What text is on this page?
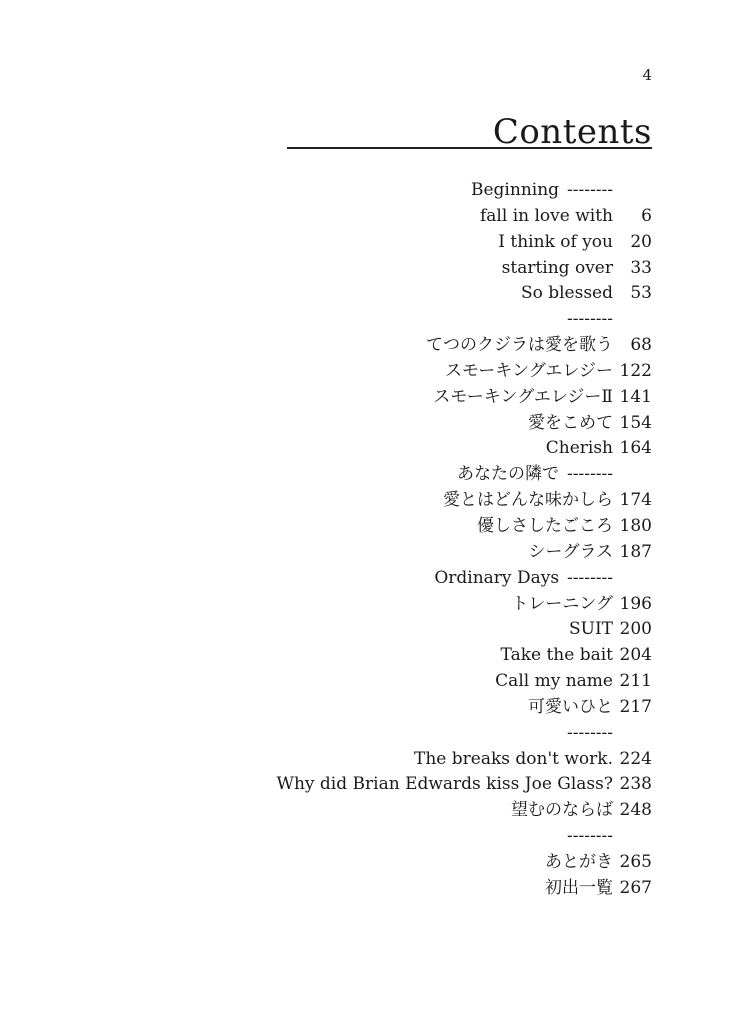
4
Contents
Beginning --------
fall in love with 6
I think of you 20
starting over 33
So blessed 53
--------
てつのクジラは愛を歌う 68
スモーキングエレジー 122
スモーキングエレジーⅡ 141
愛をこめて 154
Cherish 164
あなたの隣で --------
愛とはどんな味かしら 174
優しさしたごころ 180
シーグラス 187
Ordinary Days --------
トレーニング 196
SUIT 200
Take the bait 204
Call my name 211
可愛いひと 217
--------
The breaks don't work. 224
Why did Brian Edwards kiss Joe Glass? 238
望むのならば 248
--------
あとがき 265
初出一覧 267
